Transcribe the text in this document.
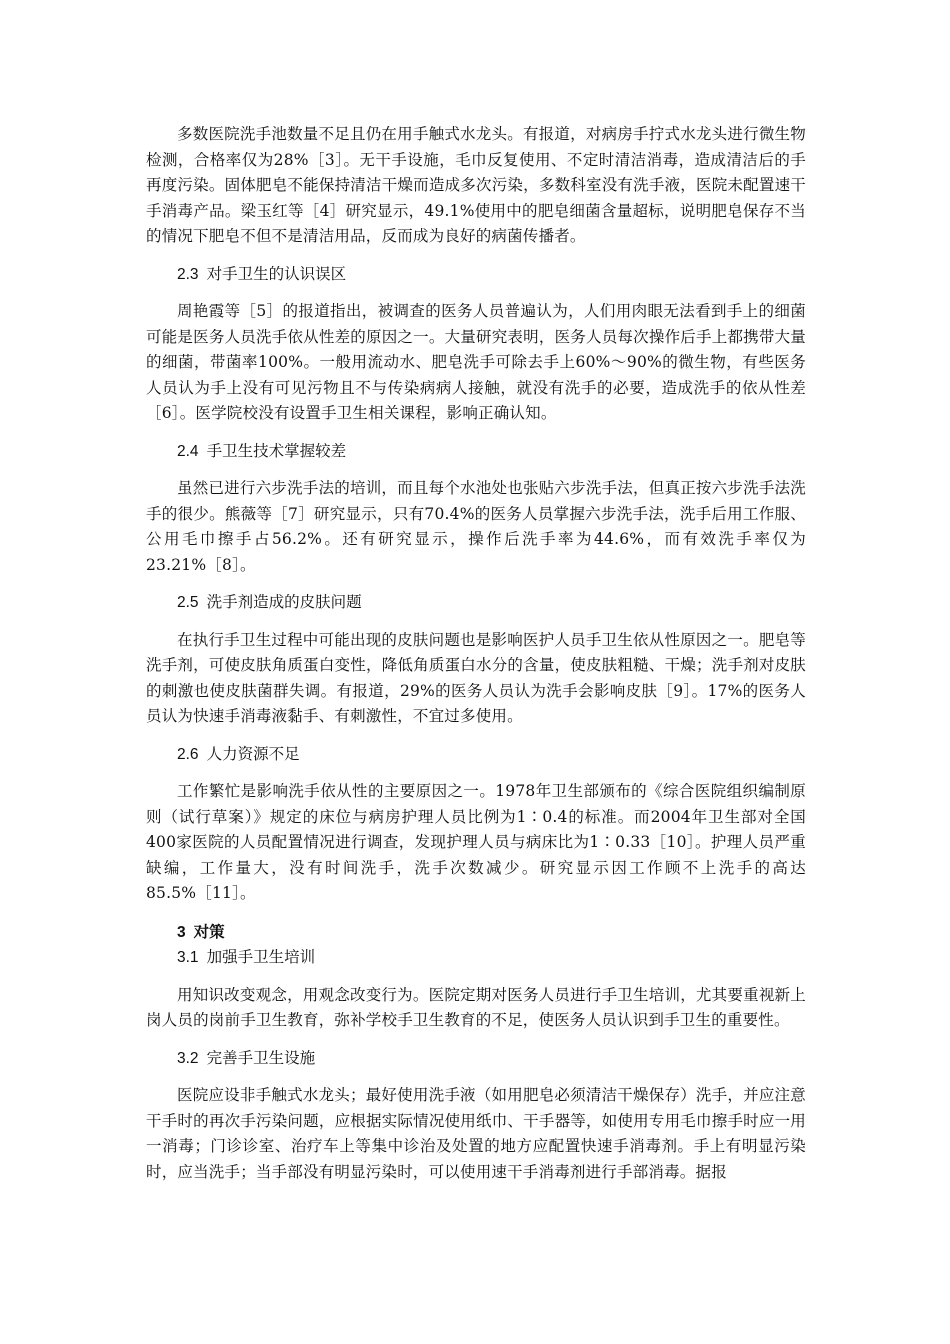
多数医院洗手池数量不足且仍在用手触式水龙头。有报道，对病房手拧式水龙头进行微生物检测，合格率仅为28%［3］。无干手设施，毛巾反复使用、不定时清洁消毒，造成清洁后的手再度污染。固体肥皂不能保持清洁干燥而造成多次污染，多数科室没有洗手液，医院未配置速干手消毒产品。梁玉红等［4］研究显示，49.1%使用中的肥皂细菌含量超标，说明肥皂保存不当的情况下肥皂不但不是清洁用品，反而成为良好的病菌传播者。

2.3 对手卫生的认识误区

周艳霞等［5］的报道指出，被调查的医务人员普遍认为，人们用肉眼无法看到手上的细菌可能是医务人员洗手依从性差的原因之一。大量研究表明，医务人员每次操作后手上都携带大量的细菌，带菌率100%。一般用流动水、肥皂洗手可除去手上60%～90%的微生物，有些医务人员认为手上没有可见污物且不与传染病病人接触，就没有洗手的必要，造成洗手的依从性差［6］。医学院校没有设置手卫生相关课程，影响正确认知。

2.4 手卫生技术掌握较差

虽然已进行六步洗手法的培训，而且每个水池处也张贴六步洗手法，但真正按六步洗手法洗手的很少。熊薇等［7］研究显示，只有70.4%的医务人员掌握六步洗手法，洗手后用工作服、公用毛巾擦手占56.2%。还有研究显示，操作后洗手率为44.6%，而有效洗手率仅为23.21%［8］。

2.5 洗手剂造成的皮肤问题

在执行手卫生过程中可能出现的皮肤问题也是影响医护人员手卫生依从性原因之一。肥皂等洗手剂，可使皮肤角质蛋白变性，降低角质蛋白水分的含量，使皮肤粗糙、干燥；洗手剂对皮肤的刺激也使皮肤菌群失调。有报道，29%的医务人员认为洗手会影响皮肤［9］。17%的医务人员认为快速手消毒液黏手、有刺激性，不宜过多使用。

2.6 人力资源不足

工作繁忙是影响洗手依从性的主要原因之一。1978年卫生部颁布的《综合医院组织编制原则（试行草案）》规定的床位与病房护理人员比例为1∶0.4的标准。而2004年卫生部对全国400家医院的人员配置情况进行调查，发现护理人员与病床比为1∶0.33［10］。护理人员严重缺编，工作量大，没有时间洗手，洗手次数减少。研究显示因工作顾不上洗手的高达85.5%［11］。

3 对策
3.1 加强手卫生培训

用知识改变观念，用观念改变行为。医院定期对医务人员进行手卫生培训，尤其要重视新上岗人员的岗前手卫生教育，弥补学校手卫生教育的不足，使医务人员认识到手卫生的重要性。

3.2 完善手卫生设施

医院应设非手触式水龙头；最好使用洗手液（如用肥皂必须清洁干燥保存）洗手，并应注意干手时的再次手污染问题，应根据实际情况使用纸巾、干手器等，如使用专用毛巾擦手时应一用一消毒；门诊诊室、治疗车上等集中诊治及处置的地方应配置快速手消毒剂。手上有明显污染时，应当洗手；当手部没有明显污染时，可以使用速干手消毒剂进行手部消毒。据报
